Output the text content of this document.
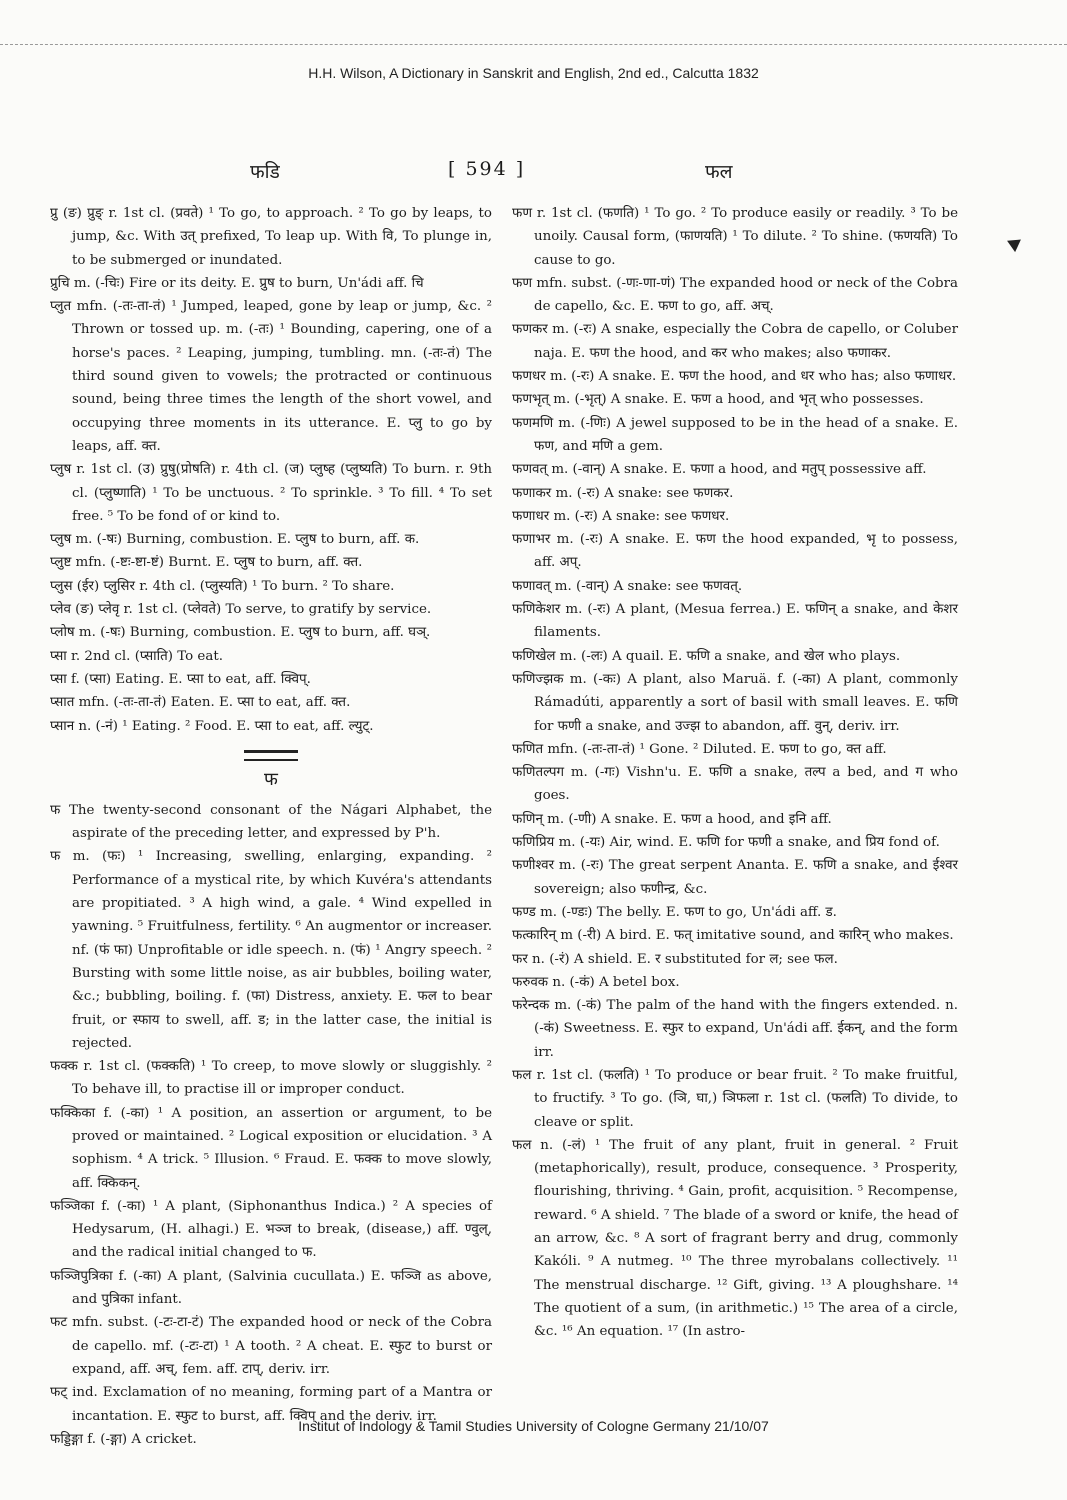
H.H. Wilson, A Dictionary in Sanskrit and English, 2nd ed., Calcutta 1832
फडि	[ 594 ]	फल

प्रु (ङ) प्रुङ् r. 1st cl. (प्रवते) ¹ To go, to approach. ² To go by leaps, to jump, &c. With उत् prefixed, To leap up. With वि, To plunge in, to be submerged or inundated.

प्रुचि m. (-चिः) Fire or its deity. E. प्रुष to burn, Un'ádi aff. चि

प्लुत mfn. (-तः-ता-तं) ¹ Jumped, leaped, gone by leap or jump, &c. ² Thrown or tossed up. m. (-तः) ¹ Bounding, capering, one of a horse's paces. ² Leaping, jumping, tumbling. mn. (-तः-तं) The third sound given to vowels; the protracted or continuous sound, being three times the length of the short vowel, and occupying three moments in its utterance. E. प्लु to go by leaps, aff. क्त.

प्लुष r. 1st cl. (उ) प्रुषु(प्रोषति) r. 4th cl. (ज) प्लुष्ह (प्लुष्यति) To burn. r. 9th cl. (प्लुष्णाति) ¹ To be unctuous. ² To sprinkle. ³ To fill. ⁴ To set free. ⁵ To be fond of or kind to.

प्लुष m. (-षः) Burning, combustion. E. प्लुष to burn, aff. क.

प्लुष्ट mfn. (-ष्टः-ष्टा-ष्टं) Burnt. E. प्लुष to burn, aff. क्त.

प्लुस (ईर) प्लुसिर r. 4th cl. (प्लुस्यति) ¹ To burn. ² To share.

प्लेव (ङ) प्लेवृ r. 1st cl. (प्लेवते) To serve, to gratify by service.

प्लोष m. (-षः) Burning, combustion. E. प्लुष to burn, aff. घञ्.

प्सा r. 2nd cl. (प्साति) To eat.

प्सा f. (प्सा) Eating. E. प्सा to eat, aff. क्विप्.

प्सात mfn. (-तः-ता-तं) Eaten. E. प्सा to eat, aff. क्त.

प्सान n. (-नं) ¹ Eating. ² Food. E. प्सा to eat, aff. ल्युट्.

फ

फ The twenty-second consonant of the Nágari Alphabet, the aspirate of the preceding letter, and expressed by P'h.

फ m. (फः) ¹ Increasing, swelling, enlarging, expanding. ² Performance of a mystical rite, by which Kuvéra's attendants are propitiated. ³ A high wind, a gale. ⁴ Wind expelled in yawning. ⁵ Fruitfulness, fertility. ⁶ An augmentor or increaser. nf. (फं फा) Unprofitable or idle speech. n. (फं) ¹ Angry speech. ² Bursting with some little noise, as air bubbles, boiling water, &c.; bubbling, boiling. f. (फा) Distress, anxiety. E. फल to bear fruit, or स्फाय to swell, aff. ड; in the latter case, the initial is rejected.

फक्क r. 1st cl. (फक्कति) ¹ To creep, to move slowly or sluggishly. ² To behave ill, to practise ill or improper conduct.

फक्किका f. (-का) ¹ A position, an assertion or argument, to be proved or maintained. ² Logical exposition or elucidation. ³ A sophism. ⁴ A trick. ⁵ Illusion. ⁶ Fraud. E. फक्क to move slowly, aff. क्किकन्.

फञ्जिका f. (-का) ¹ A plant, (Siphonanthus Indica.) ² A species of Hedysarum, (H. alhagi.) E. भञ्ज to break, (disease,) aff. ण्वुल्, and the radical initial changed to फ.

फञ्जिपुत्रिका f. (-का) A plant, (Salvinia cucullata.) E. फञ्जि as above, and पुत्रिका infant.

फट mfn. subst. (-टः-टा-टं) The expanded hood or neck of the Cobra de capello. mf. (-टः-टा) ¹ A tooth. ² A cheat. E. स्फुट to burst or expand, aff. अच्, fem. aff. टाप्, deriv. irr.

फट् ind. Exclamation of no meaning, forming part of a Mantra or incantation. E. स्फुट to burst, aff. क्विप् and the deriv. irr.

फड्डिङ्गा f. (-ङ्गा) A cricket.

फण r. 1st cl. (फणति) ¹ To go. ² To produce easily or readily. ³ To be unoily. Causal form, (फाणयति) ¹ To dilute. ² To shine. (फणयति) To cause to go.

फण mfn. subst. (-णः-णा-णं) The expanded hood or neck of the Cobra de capello, &c. E. फण to go, aff. अच्.

फणकर m. (-रः) A snake, especially the Cobra de capello, or Coluber naja. E. फण the hood, and कर who makes; also फणाकर.

फणधर m. (-रः) A snake. E. फण the hood, and धर who has; also फणाधर.

फणभृत् m. (-भृत्) A snake. E. फण a hood, and भृत् who possesses.

फणमणि m. (-णिः) A jewel supposed to be in the head of a snake. E. फण, and मणि a gem.

फणवत् m. (-वान्) A snake. E. फणा a hood, and मतुप् possessive aff.

फणाकर m. (-रः) A snake: see फणकर.

फणाधर m. (-रः) A snake: see फणधर.

फणाभर m. (-रः) A snake. E. फण the hood expanded, भृ to possess, aff. अप्.

फणावत् m. (-वान्) A snake: see फणवत्.

फणिकेशर m. (-रः) A plant, (Mesua ferrea.) E. फणिन् a snake, and केशर filaments.

फणिखेल m. (-लः) A quail. E. फणि a snake, and खेल who plays.

फणिज्झक m. (-कः) A plant, also Maruä. f. (-का) A plant, commonly Rámadúti, apparently a sort of basil with small leaves. E. फणि for फणी a snake, and उज्झ to abandon, aff. वुन्, deriv. irr.

फणित mfn. (-तः-ता-तं) ¹ Gone. ² Diluted. E. फण to go, क्त aff.

फणितल्पग m. (-गः) Vishn'u. E. फणि a snake, तल्प a bed, and ग who goes.

फणिन् m. (-णी) A snake. E. फण a hood, and इनि aff.

फणिप्रिय m. (-यः) Air, wind. E. फणि for फणी a snake, and प्रिय fond of.

फणीश्वर m. (-रः) The great serpent Ananta. E. फणि a snake, and ईश्वर sovereign; also फणीन्द्र, &c.

फण्ड m. (-ण्डः) The belly. E. फण to go, Un'ádi aff. ड.

फत्कारिन् m (-री) A bird. E. फत् imitative sound, and कारिन् who makes.

फर n. (-रं) A shield. E. र substituted for ल; see फल.

फरुवक n. (-कं) A betel box.

फरेन्दक m. (-कं) The palm of the hand with the fingers extended. n. (-कं) Sweetness. E. स्फुर to expand, Un'ádi aff. ईकन्, and the form irr.

फल r. 1st cl. (फलति) ¹ To produce or bear fruit. ² To make fruitful, to fructify. ³ To go. (ञि, घा,) ञिफला r. 1st cl. (फलति) To divide, to cleave or split.

फल n. (-लं) ¹ The fruit of any plant, fruit in general. ² Fruit (metaphorically), result, produce, consequence. ³ Prosperity, flourishing, thriving. ⁴ Gain, profit, acquisition. ⁵ Recompense, reward. ⁶ A shield. ⁷ The blade of a sword or knife, the head of an arrow, &c. ⁸ A sort of fragrant berry and drug, commonly Kakóli. ⁹ A nutmeg. ¹⁰ The three myrobalans collectively. ¹¹ The menstrual discharge. ¹² Gift, giving. ¹³ A ploughshare. ¹⁴ The quotient of a sum, (in arithmetic.) ¹⁵ The area of a circle, &c. ¹⁶ An equation. ¹⁷ (In astro-

Institut of Indology & Tamil Studies University of Cologne Germany 21/10/07
